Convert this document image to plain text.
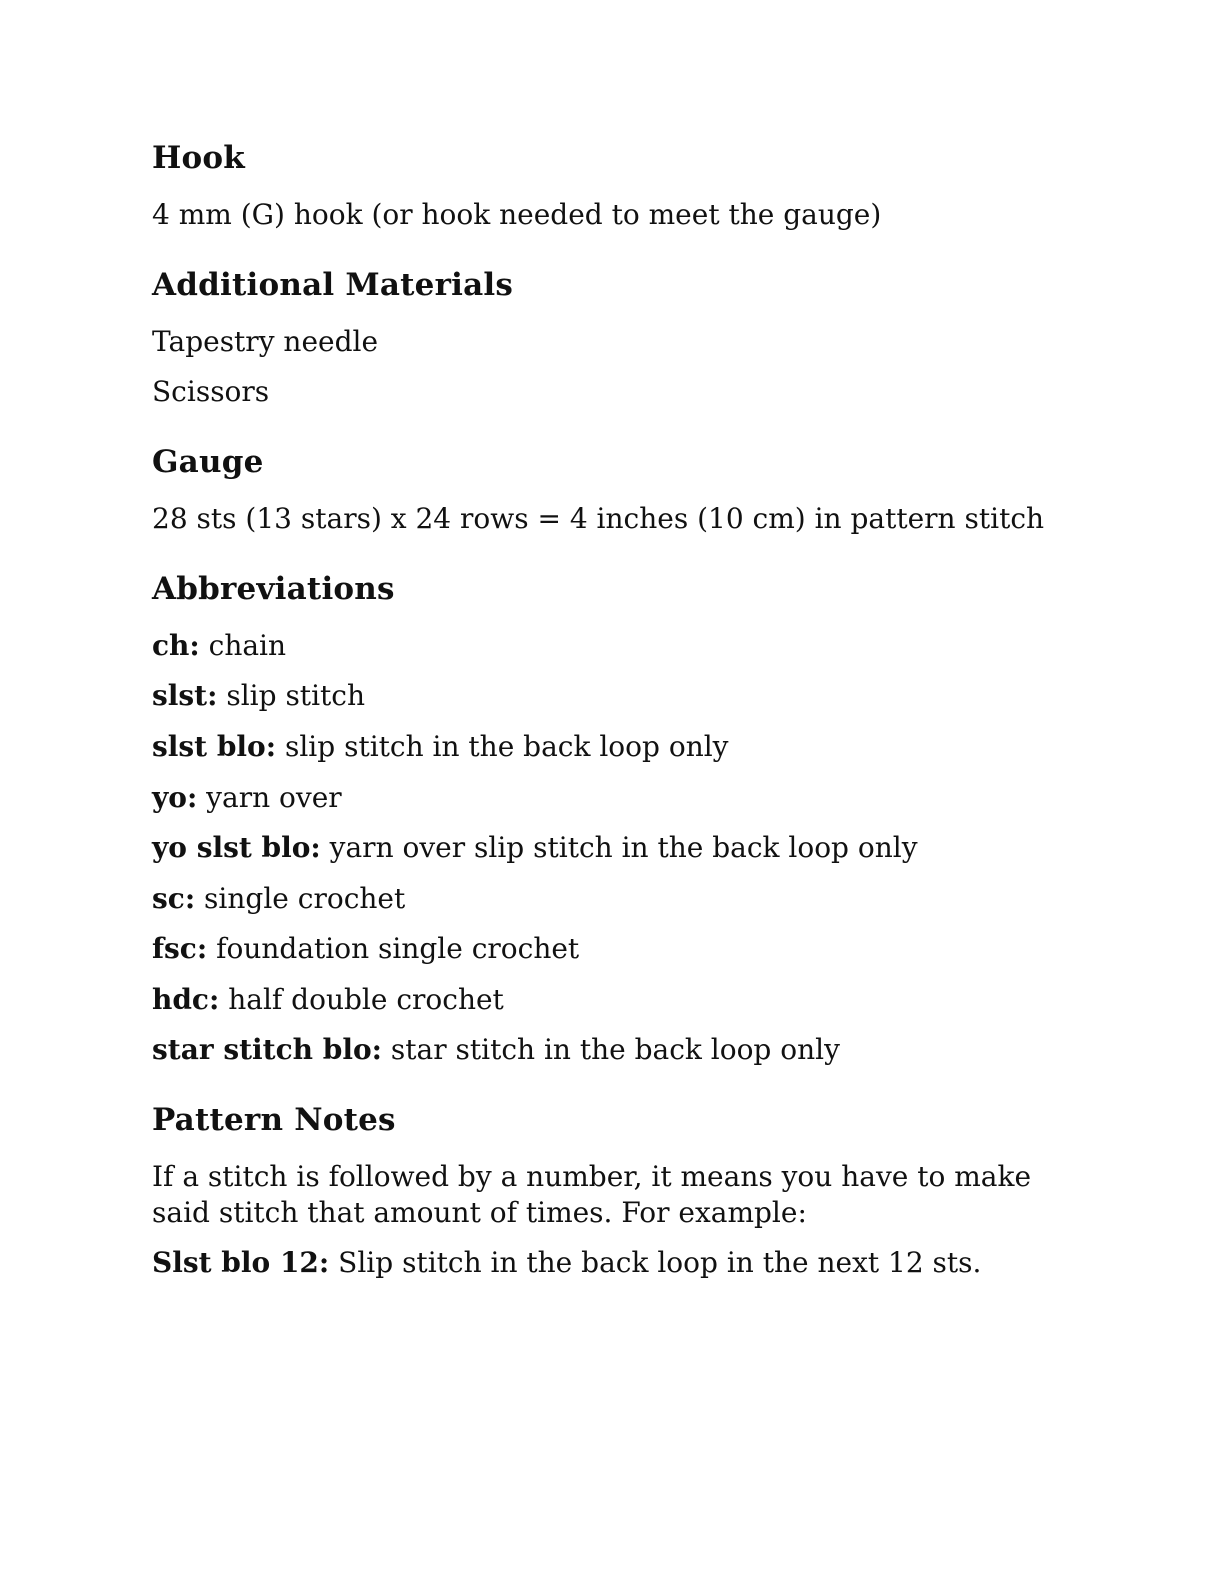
Hook

4 mm (G) hook (or hook needed to meet the gauge)

Additional Materials

Tapestry needle

Scissors

Gauge

28 sts (13 stars) x 24 rows = 4 inches (10 cm) in pattern stitch

Abbreviations

ch: chain

slst: slip stitch

slst blo: slip stitch in the back loop only

yo: yarn over

yo slst blo: yarn over slip stitch in the back loop only

sc: single crochet

fsc: foundation single crochet

hdc: half double crochet

star stitch blo: star stitch in the back loop only

Pattern Notes

If a stitch is followed by a number, it means you have to make said stitch that amount of times. For example:

Slst blo 12: Slip stitch in the back loop in the next 12 sts.
